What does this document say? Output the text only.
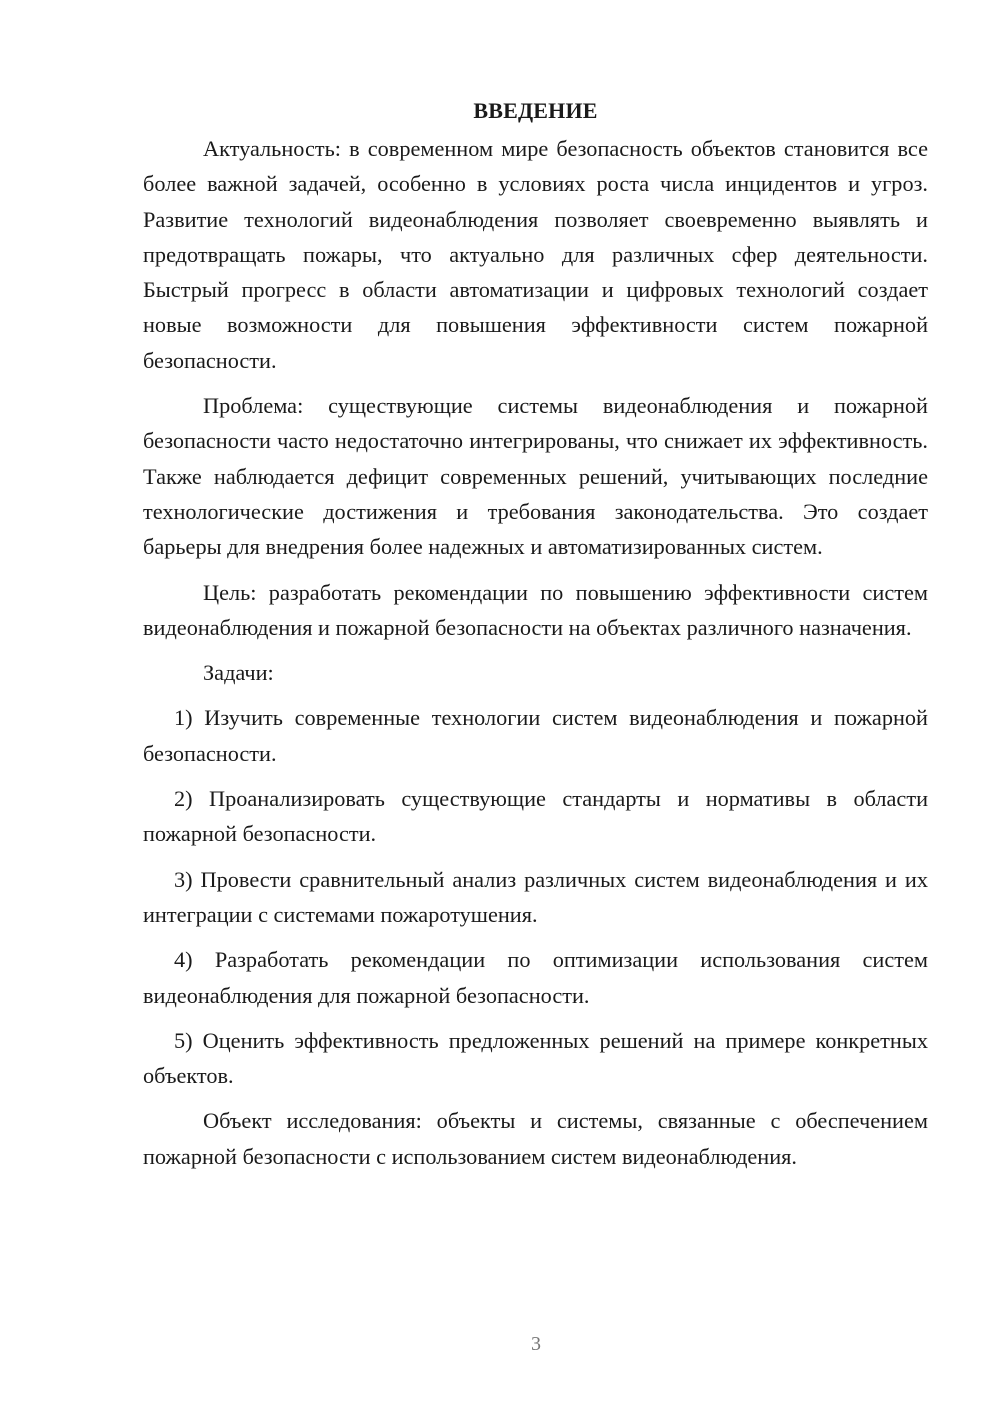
ВВЕДЕНИЕ

Актуальность: в современном мире безопасность объектов становится все более важной задачей, особенно в условиях роста числа инцидентов и угроз. Развитие технологий видеонаблюдения позволяет своевременно выявлять и предотвращать пожары, что актуально для различных сфер деятельности. Быстрый прогресс в области автоматизации и цифровых технологий создает новые возможности для повышения эффективности систем пожарной безопасности.

Проблема: существующие системы видеонаблюдения и пожарной безопасности часто недостаточно интегрированы, что снижает их эффективность. Также наблюдается дефицит современных решений, учитывающих последние технологические достижения и требования законодательства. Это создает барьеры для внедрения более надежных и автоматизированных систем.

Цель: разработать рекомендации по повышению эффективности систем видеонаблюдения и пожарной безопасности на объектах различного назначения.

Задачи:

1) Изучить современные технологии систем видеонаблюдения и пожарной безопасности.

2) Проанализировать существующие стандарты и нормативы в области пожарной безопасности.

3) Провести сравнительный анализ различных систем видеонаблюдения и их интеграции с системами пожаротушения.

4) Разработать рекомендации по оптимизации использования систем видеонаблюдения для пожарной безопасности.

5) Оценить эффективность предложенных решений на примере конкретных объектов.

Объект исследования: объекты и системы, связанные с обеспечением пожарной безопасности с использованием систем видеонаблюдения.

3
